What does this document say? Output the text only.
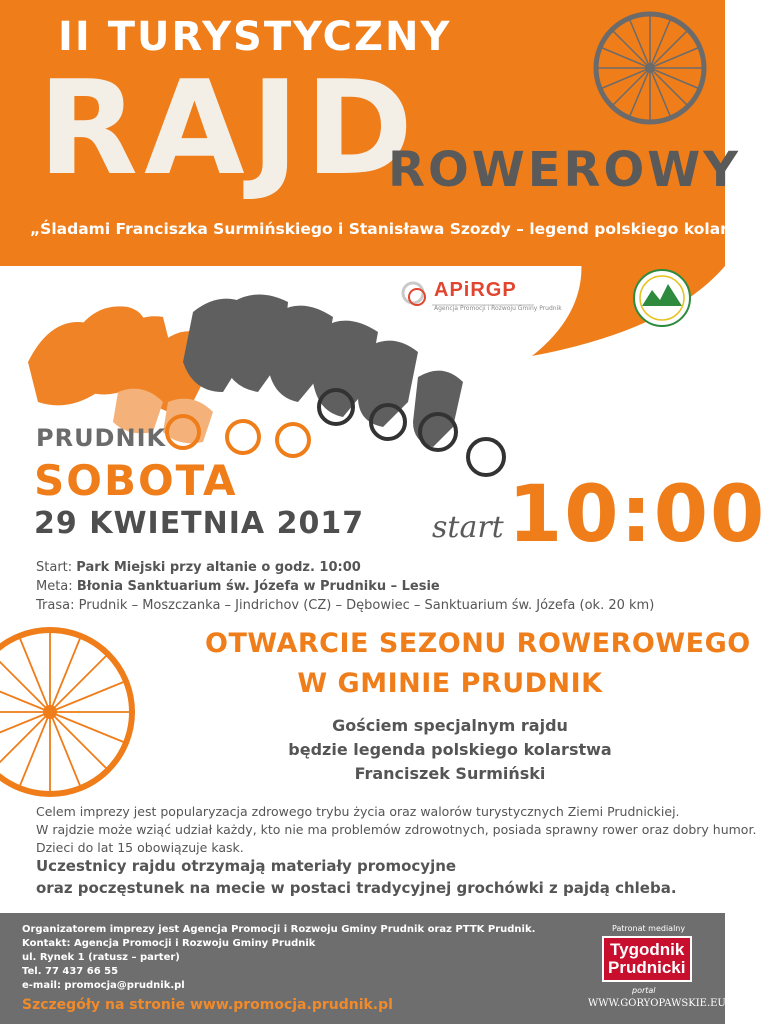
II TURYSTYCZNY
RAJD
ROWEROWY
„Śladami Franciszka Surmińskiego i Stanisława Szozdy – legend polskiego kolarstwa”
APiRGP
Agencja Promocji i Rozwoju Gminy Prudnik
PRUDNIK
SOBOTA
29 KWIETNIA 2017 start 10:00
Start: Park Miejski przy altanie o godz. 10:00
Meta: Błonia Sanktuarium św. Józefa w Prudniku – Lesie
Trasa: Prudnik – Moszczanka – Jindrichov (CZ) – Dębowiec – Sanktuarium św. Józefa (ok. 20 km)
OTWARCIE SEZONU ROWEROWEGO
W GMINIE PRUDNIK
Gościem specjalnym rajdu
będzie legenda polskiego kolarstwa
Franciszek Surmiński
Celem imprezy jest popularyzacja zdrowego trybu życia oraz walorów turystycznych Ziemi Prudnickiej.
W rajdzie może wziąć udział każdy, kto nie ma problemów zdrowotnych, posiada sprawny rower oraz dobry humor.
Dzieci do lat 15 obowiązuje kask.
Uczestnicy rajdu otrzymają materiały promocyjne
oraz poczęstunek na mecie w postaci tradycyjnej grochówki z pajdą chleba.
Organizatorem imprezy jest Agencja Promocji i Rozwoju Gminy Prudnik oraz PTTK Prudnik.
Kontakt: Agencja Promocji i Rozwoju Gminy Prudnik
ul. Rynek 1 (ratusz – parter)
Tel. 77 437 66 55
e-mail: promocja@prudnik.pl
Szczegóły na stronie www.promocja.prudnik.pl
Patronat medialny
Tygodnik
Prudnicki
portal
WWW.GORYOPAWSKIE.EU
